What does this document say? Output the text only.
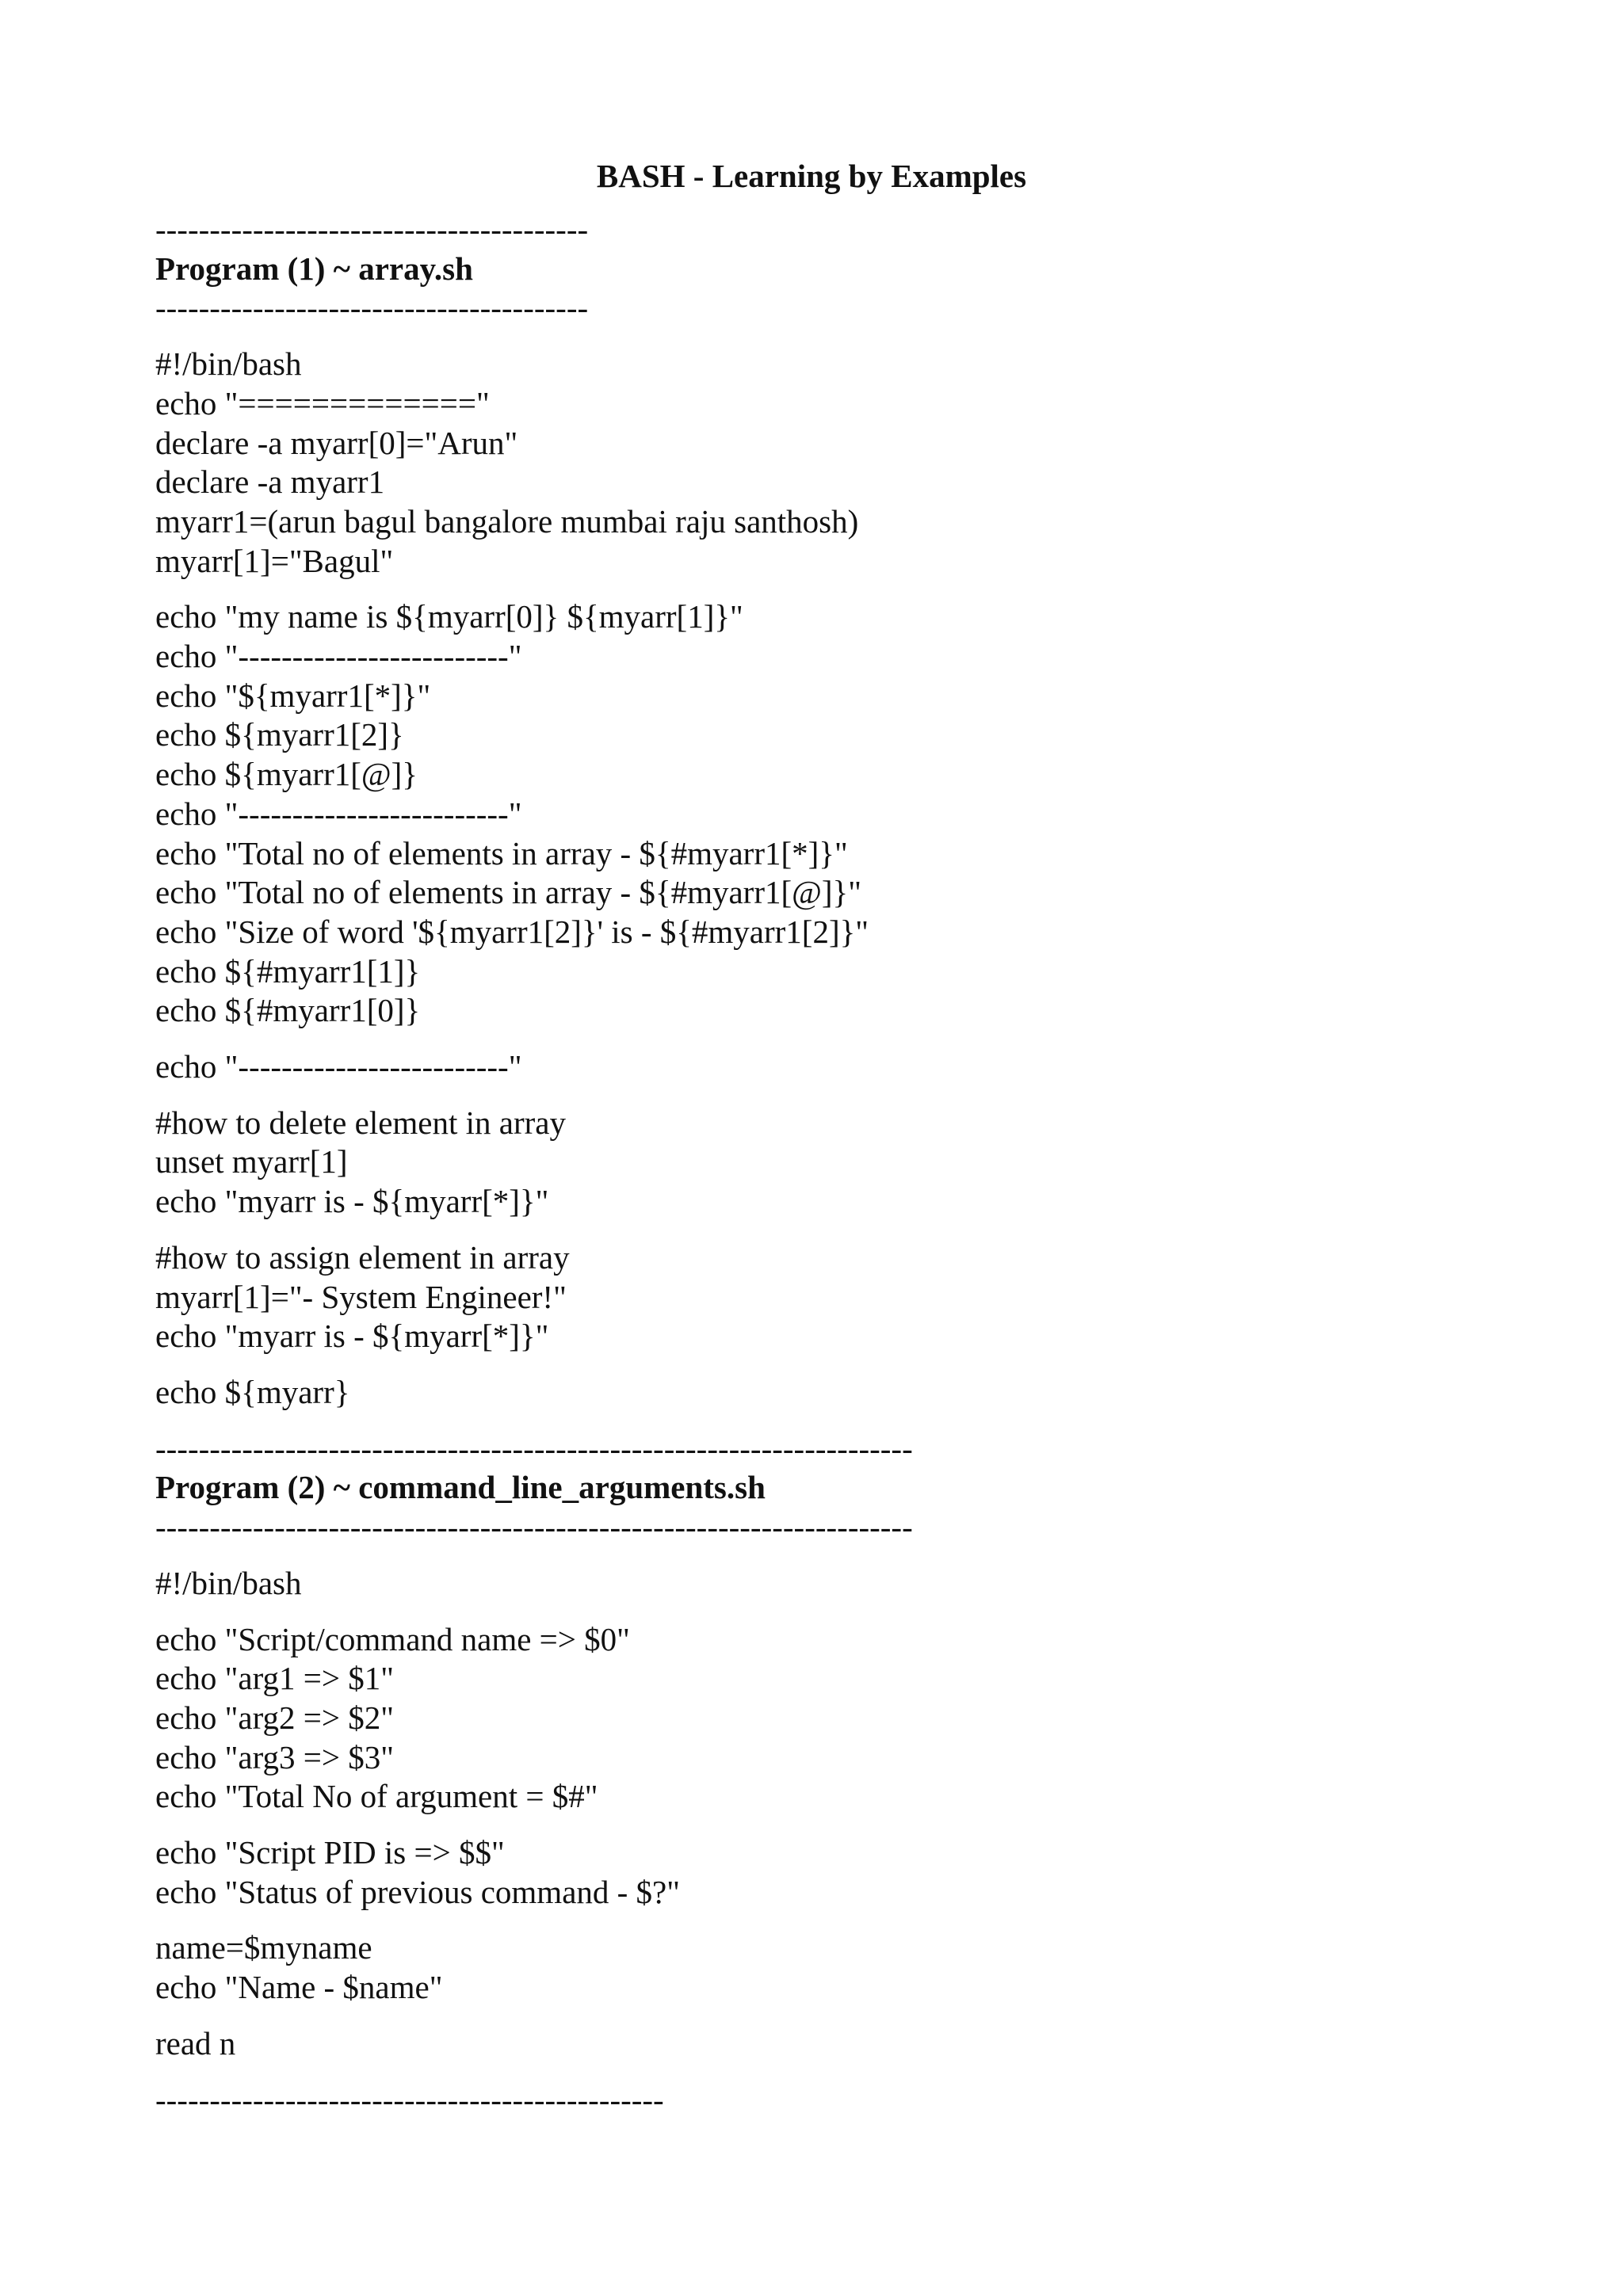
BASH - Learning by Examples
----------------------------------------
Program (1) ~ array.sh
----------------------------------------
#!/bin/bash
echo "============="
declare -a myarr[0]="Arun"
declare -a myarr1
myarr1=(arun bagul bangalore mumbai raju santhosh)
myarr[1]="Bagul"
echo "my name is ${myarr[0]} ${myarr[1]}"
echo "-------------------------"
echo "${myarr1[*]}"
echo ${myarr1[2]}
echo ${myarr1[@]}
echo "-------------------------"
echo "Total no of elements in array - ${#myarr1[*]}"
echo "Total no of elements in array - ${#myarr1[@]}"
echo "Size of word '${myarr1[2]}' is - ${#myarr1[2]}"
echo ${#myarr1[1]}
echo ${#myarr1[0]}
echo "-------------------------"
#how to delete element in array
unset myarr[1]
echo "myarr is - ${myarr[*]}"
#how to assign element in array
myarr[1]="- System Engineer!"
echo "myarr is - ${myarr[*]}"
echo ${myarr}
----------------------------------------------------------------------
Program (2) ~ command_line_arguments.sh
----------------------------------------------------------------------
#!/bin/bash
echo "Script/command name => $0"
echo "arg1 => $1"
echo "arg2 => $2"
echo "arg3 => $3"
echo "Total No of argument = $#"
echo "Script PID is => $$"
echo "Status of previous command - $?"
name=$myname
echo "Name - $name"
read n
-----------------------------------------------
